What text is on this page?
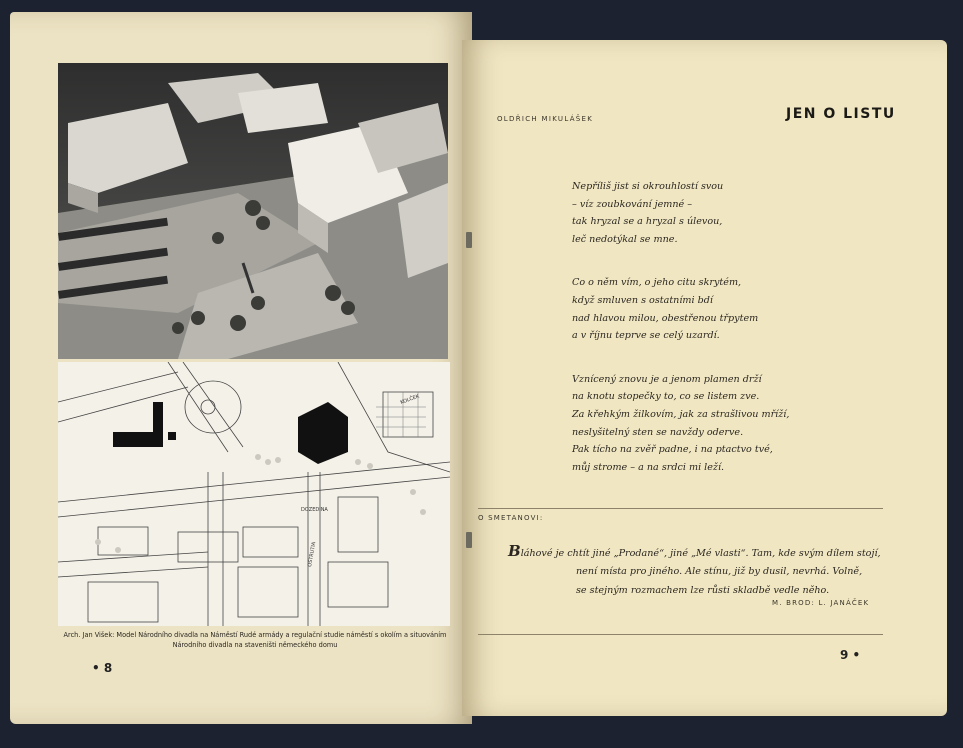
KOLČEK
DOZEDINA
OSTRUTIA
Arch. Jan Višek: Model Národního divadla na Náměstí Rudé armády a regulační studie náměstí s okolím a situováním
Národního divadla na staveništi německého domu
• 8
OLDŘICH MIKULÁŠEK	JEN O LISTU
Nepříliš jist si okrouhlostí svou
– víz zoubkování jemné –
tak hryzal se a hryzal s úlevou,
leč nedotýkal se mne.
Co o něm vím, o jeho citu skrytém,
když smluven s ostatními bdí
nad hlavou milou, obestřenou třpytem
a v říjnu teprve se celý uzardí.
Vznícený znovu je a jenom plamen drží
na knotu stopečky to, co se listem zve.
Za křehkým žilkovím, jak za strašlivou mříží,
neslyšitelný sten se navždy oderve.
Pak tícho na zvěř padne, i na ptactvo tvé,
můj strome – a na srdci mi leží.
O SMETANOVI:
Bláhové je chtít jiné „Prodané“, jiné „Mé vlasti“. Tam, kde svým dílem stojí,
není místa pro jiného. Ale stínu, již by dusil, nevrhá. Volně,
se stejným rozmachem lze růsti skladbě vedle něho.
M. BROD: L. JANÁČEK
9 •
